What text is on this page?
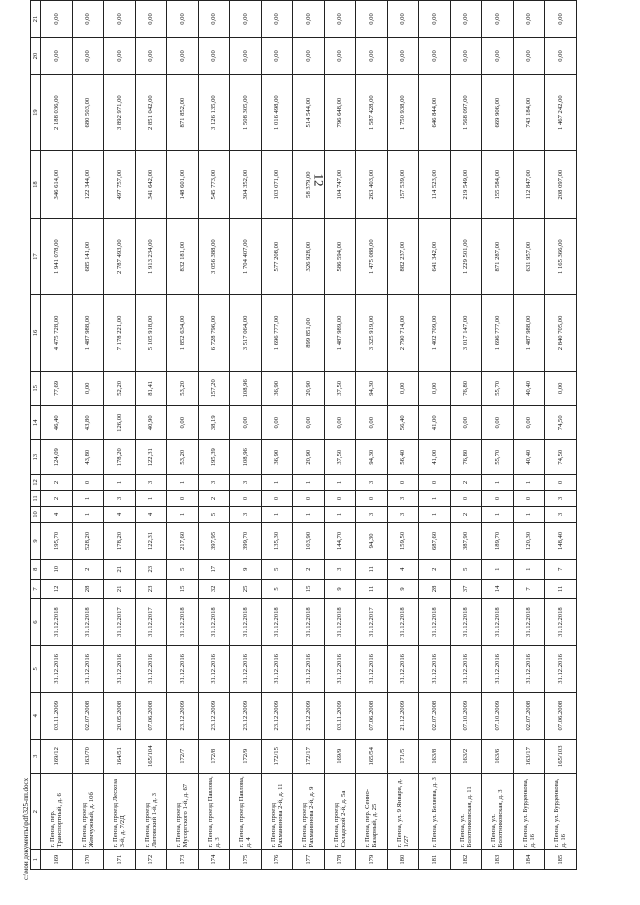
12
1	2	3	4	5	6	7	8	9	10	11	12	13	14	15	16	17	18	19	20	21
169	г. Пенза, пер. Транспортный, д. 6	169/12	03.11.2009	31.12.2016	31.12.2018	12	10	195,70	4	2	2	124,09	46,40	77,69	4 475 728,00	1 941 078,00	346 614,00	2 188 036,00	0,00	0,00
170	г. Пенза, проезд Жемчужный, д. 10б	163/70	02.07.2008	31.12.2016	31.12.2018	28	2	528,20	1	1	0	43,80	43,80	0,00	1 487 988,00	685 141,00	122 344,00	680 503,00	0,00	0,00
171	г. Пенза, проезд Лесхоза 3-й, д. 7/2Д	164/51	20.05.2008	31.12.2016	31.12.2017	21	21	178,20	4	3	1	178,20	126,00	52,20	7 178 221,00	2 787 493,00	497 757,00	3 892 971,00	0,00	0,00
172	г. Пенза, проезд Литовский 1-й, д. 3	165/104	07.06.2008	31.12.2016	31.12.2017	23	23	122,31	4	1	3	122,31	40,90	81,41	5 105 918,00	1 913 234,00	341 642,00	2 851 042,00	0,00	0,00
173	г. Пенза, проезд Мусоргского 1-й, д. 67	172/7	23.12.2009	31.12.2016	31.12.2018	15	5	217,60	1	0	1	53,20	0,00	53,20	1 852 634,00	832 181,00	148 601,00	871 852,00	0,00	0,00
174	г. Пенза, проезд Павлова, д. 3	172/8	23.12.2009	31.12.2016	31.12.2018	32	17	397,95	5	2	3	195,39	38,19	157,20	6 728 796,00	3 056 388,00	545 773,00	3 126 135,00	0,00	0,00
175	г. Пенза, проезд Павлова, д. 4	172/9	23.12.2009	31.12.2016	31.12.2018	25	9	399,70	3	0	3	108,96	0,00	108,96	3 517 064,00	1 704 407,00	304 352,00	1 508 305,00	0,00	0,00
176	г. Пенза, проезд Рахманинова 2-й, д. 11	172/15	23.12.2009	31.12.2016	31.12.2018	5	5	135,30	1	0	1	36,90	0,00	36,90	1 696 777,00	577 208,00	103 071,00	1 016 498,00	0,00	0,00
177	г. Пенза, проезд Рахманинова 2-й, д. 9	172/17	23.12.2009	31.12.2016	31.12.2018	15	2	103,90	1	0	1	20,90	0,00	20,90	899 851,00	326 928,00	58 379,00	514 544,00	0,00	0,00
178	г. Пенза, проезд Складской 2-й, д. 5а	169/9	03.11.2009	31.12.2016	31.12.2018	9	3	144,70	1	0	1	37,50	0,00	37,50	1 487 989,00	586 594,00	104 747,00	796 648,00	0,00	0,00
179	г. Пенза, пер. Сенно-Базарный, д. 25	165/54	07.06.2008	31.12.2016	31.12.2017	11	11	94,30	3	0	3	94,30	0,00	94,30	3 325 919,00	1 475 088,00	263 403,00	1 587 428,00	0,00	0,00
180	г. Пенза, ул. 9 Января, д. 1/27	171/5	21.12.2009	31.12.2016	31.12.2018	9	4	159,50	3	3	0	56,40	56,40	0,00	2 790 714,00	882 237,00	157 539,00	1 750 938,00	0,00	0,00
181	г. Пенза, ул. Беляева, д. 3	163/8	02.07.2008	31.12.2016	31.12.2018	28	2	687,60	1	1	0	41,00	41,00	0,00	1 402 709,00	641 342,00	114 523,00	646 844,00	0,00	0,00
182	г. Пенза, ул. Болотниковская, д. 11	163/2	07.10.2009	31.12.2016	31.12.2018	37	5	387,90	2	0	2	76,80	0,00	76,80	3 017 147,00	1 229 501,00	219 549,00	1 568 097,00	0,00	0,00
183	г. Пенза, ул. Болотниковская, д. 3	163/6	07.10.2009	31.12.2016	31.12.2018	14	1	189,70	1	0	1	55,70	0,00	55,70	1 696 777,00	871 287,00	155 584,00	669 906,00	0,00	0,00
184	г. Пенза, ул. Бурденкова, д. 16	163/17	02.07.2008	31.12.2016	31.12.2018	7	1	120,30	1	0	1	40,40	0,00	40,40	1 487 988,00	631 957,00	112 847,00	743 184,00	0,00	0,00
185	г. Пенза, ул. Бурденкова, д. 16	165/103	07.06.2008	31.12.2016	31.12.2018	11	7	148,40	3	3	0	74,50	74,50	0,00	2 840 705,00	1 165 366,00	208 097,00	1 467 242,00	0,00	0,00
c:\мои документы\pdf\325-пп.docx
